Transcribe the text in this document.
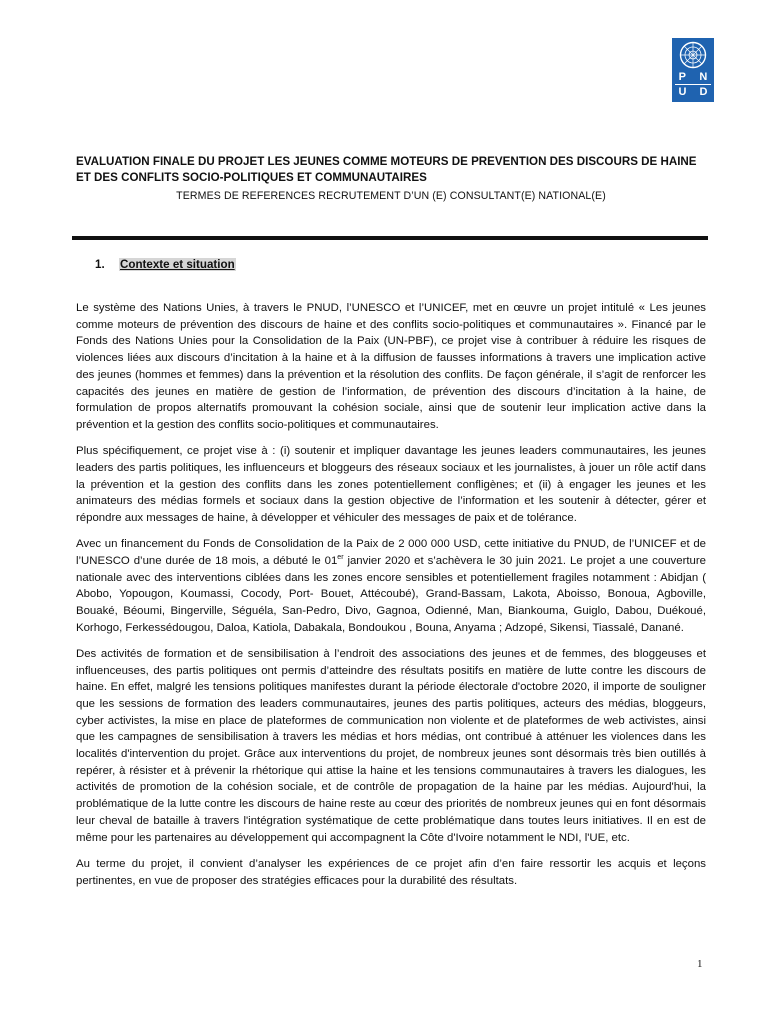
P N
U D
EVALUATION FINALE DU PROJET LES JEUNES COMME MOTEURS DE PREVENTION DES DISCOURS DE HAINE ET DES CONFLITS SOCIO-POLITIQUES ET COMMUNAUTAIRES
TERMES DE REFERENCES RECRUTEMENT D’UN (E) CONSULTANT(E) NATIONAL(E)
1. Contexte et situation

Le système des Nations Unies, à travers le PNUD, l’UNESCO et l’UNICEF, met en œuvre un projet intitulé « Les jeunes comme moteurs de prévention des discours de haine et des conflits socio-politiques et communautaires ». Financé par le Fonds des Nations Unies pour la Consolidation de la Paix (UN-PBF), ce projet vise à contribuer à réduire les risques de violences liées aux discours d’incitation à la haine et à la diffusion de fausses informations à travers une implication active des jeunes (hommes et femmes) dans la prévention et la résolution des conflits. De façon générale, il s’agit de renforcer les capacités des jeunes en matière de gestion de l’information, de prévention des discours d’incitation à la haine, de formulation de propos alternatifs promouvant la cohésion sociale, ainsi que de soutenir leur implication active dans la prévention et la gestion des conflits socio-politiques et communautaires.

Plus spécifiquement, ce projet vise à : (i) soutenir et impliquer davantage les jeunes leaders communautaires, les jeunes leaders des partis politiques, les influenceurs et bloggeurs des réseaux sociaux et les journalistes, à jouer un rôle actif dans la prévention et la gestion des conflits dans les zones potentiellement confligènes; et (ii) à engager les jeunes et les animateurs des médias formels et sociaux dans la gestion objective de l’information et les soutenir à détecter, gérer et répondre aux messages de haine, à développer et véhiculer des messages de paix et de tolérance.

Avec un financement du Fonds de Consolidation de la Paix de 2 000 000 USD, cette initiative du PNUD, de l’UNICEF et de l’UNESCO d’une durée de 18 mois, a débuté le 01er janvier 2020 et s’achèvera le 30 juin 2021. Le projet a une couverture nationale avec des interventions ciblées dans les zones encore sensibles et potentiellement fragiles notamment : Abidjan ( Abobo, Yopougon, Koumassi, Cocody, Port- Bouet, Attécoubé), Grand-Bassam, Lakota, Aboisso, Bonoua, Agboville, Bouaké, Béoumi, Bingerville, Séguéla, San-Pedro, Divo, Gagnoa, Odienné, Man, Biankouma, Guiglo, Dabou, Duékoué, Korhogo, Ferkessédougou, Daloa, Katiola, Dabakala, Bondoukou , Bouna, Anyama ; Adzopé, Sikensi, Tiassalé, Danané.

Des activités de formation et de sensibilisation à l’endroit des associations des jeunes et de femmes, des bloggeuses et influenceuses, des partis politiques ont permis d’atteindre des résultats positifs en matière de lutte contre les discours de haine. En effet, malgré les tensions politiques manifestes durant la période électorale d'octobre 2020, il importe de souligner que les sessions de formation des leaders communautaires, jeunes des partis politiques, acteurs des médias, bloggeurs, cyber activistes, la mise en place de plateformes de communication non violente et de plateformes de web activistes, ainsi que les campagnes de sensibilisation à travers les médias et hors médias, ont contribué à atténuer les violences dans les localités d'intervention du projet. Grâce aux interventions du projet, de nombreux jeunes sont désormais très bien outillés à repérer, à résister et à prévenir la rhétorique qui attise la haine et les tensions communautaires à travers les dialogues, les activités de promotion de la cohésion sociale, et de contrôle de propagation de la haine par les médias. Aujourd'hui, la problématique de la lutte contre les discours de haine reste au cœur des priorités de nombreux jeunes qui en font désormais leur cheval de bataille à travers l'intégration systématique de cette problématique dans toutes leurs initiatives. Il en est de même pour les partenaires au développement qui accompagnent la Côte d'Ivoire notamment le NDI, l'UE, etc.

Au terme du projet, il convient d’analyser les expériences de ce projet afin d’en faire ressortir les acquis et leçons pertinentes, en vue de proposer des stratégies efficaces pour la durabilité des résultats.

1
